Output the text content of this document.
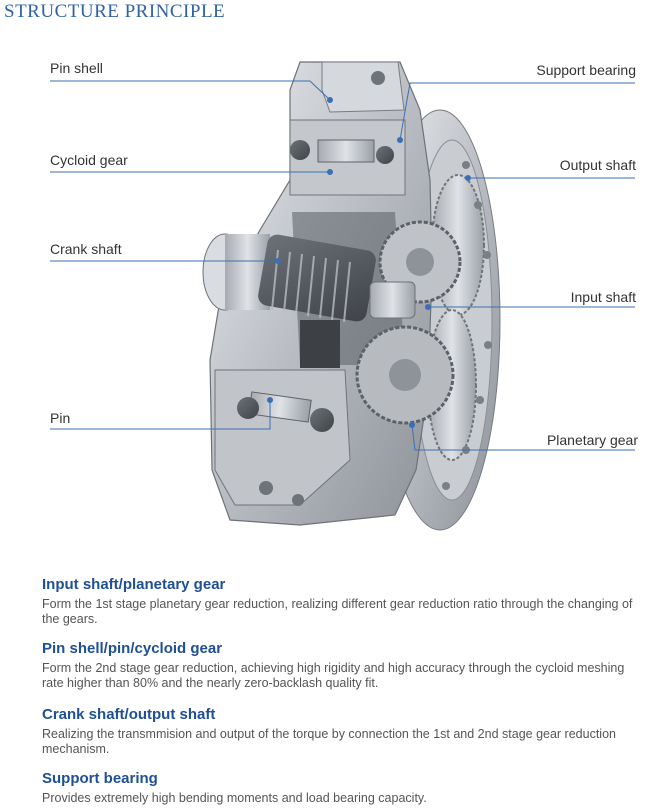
STRUCTURE PRINCIPLE
Pin shell	Support bearing
Cycloid gear	Output shaft
Crank shaft
Input shaft
Pin
Planetary gear
Input shaft/planetary gear

Form the 1st stage planetary gear reduction, realizing different gear reduction ratio through the changing of the gears.

Pin shell/pin/cycloid gear

Form the 2nd stage gear reduction, achieving high rigidity and high accuracy through the cycloid meshing rate higher than 80% and the nearly zero-backlash quality fit.

Crank shaft/output shaft

Realizing the transmmision and output of the torque by connection the 1st and 2nd stage gear reduction mechanism.

Support bearing

Provides extremely high bending moments and load bearing capacity.
